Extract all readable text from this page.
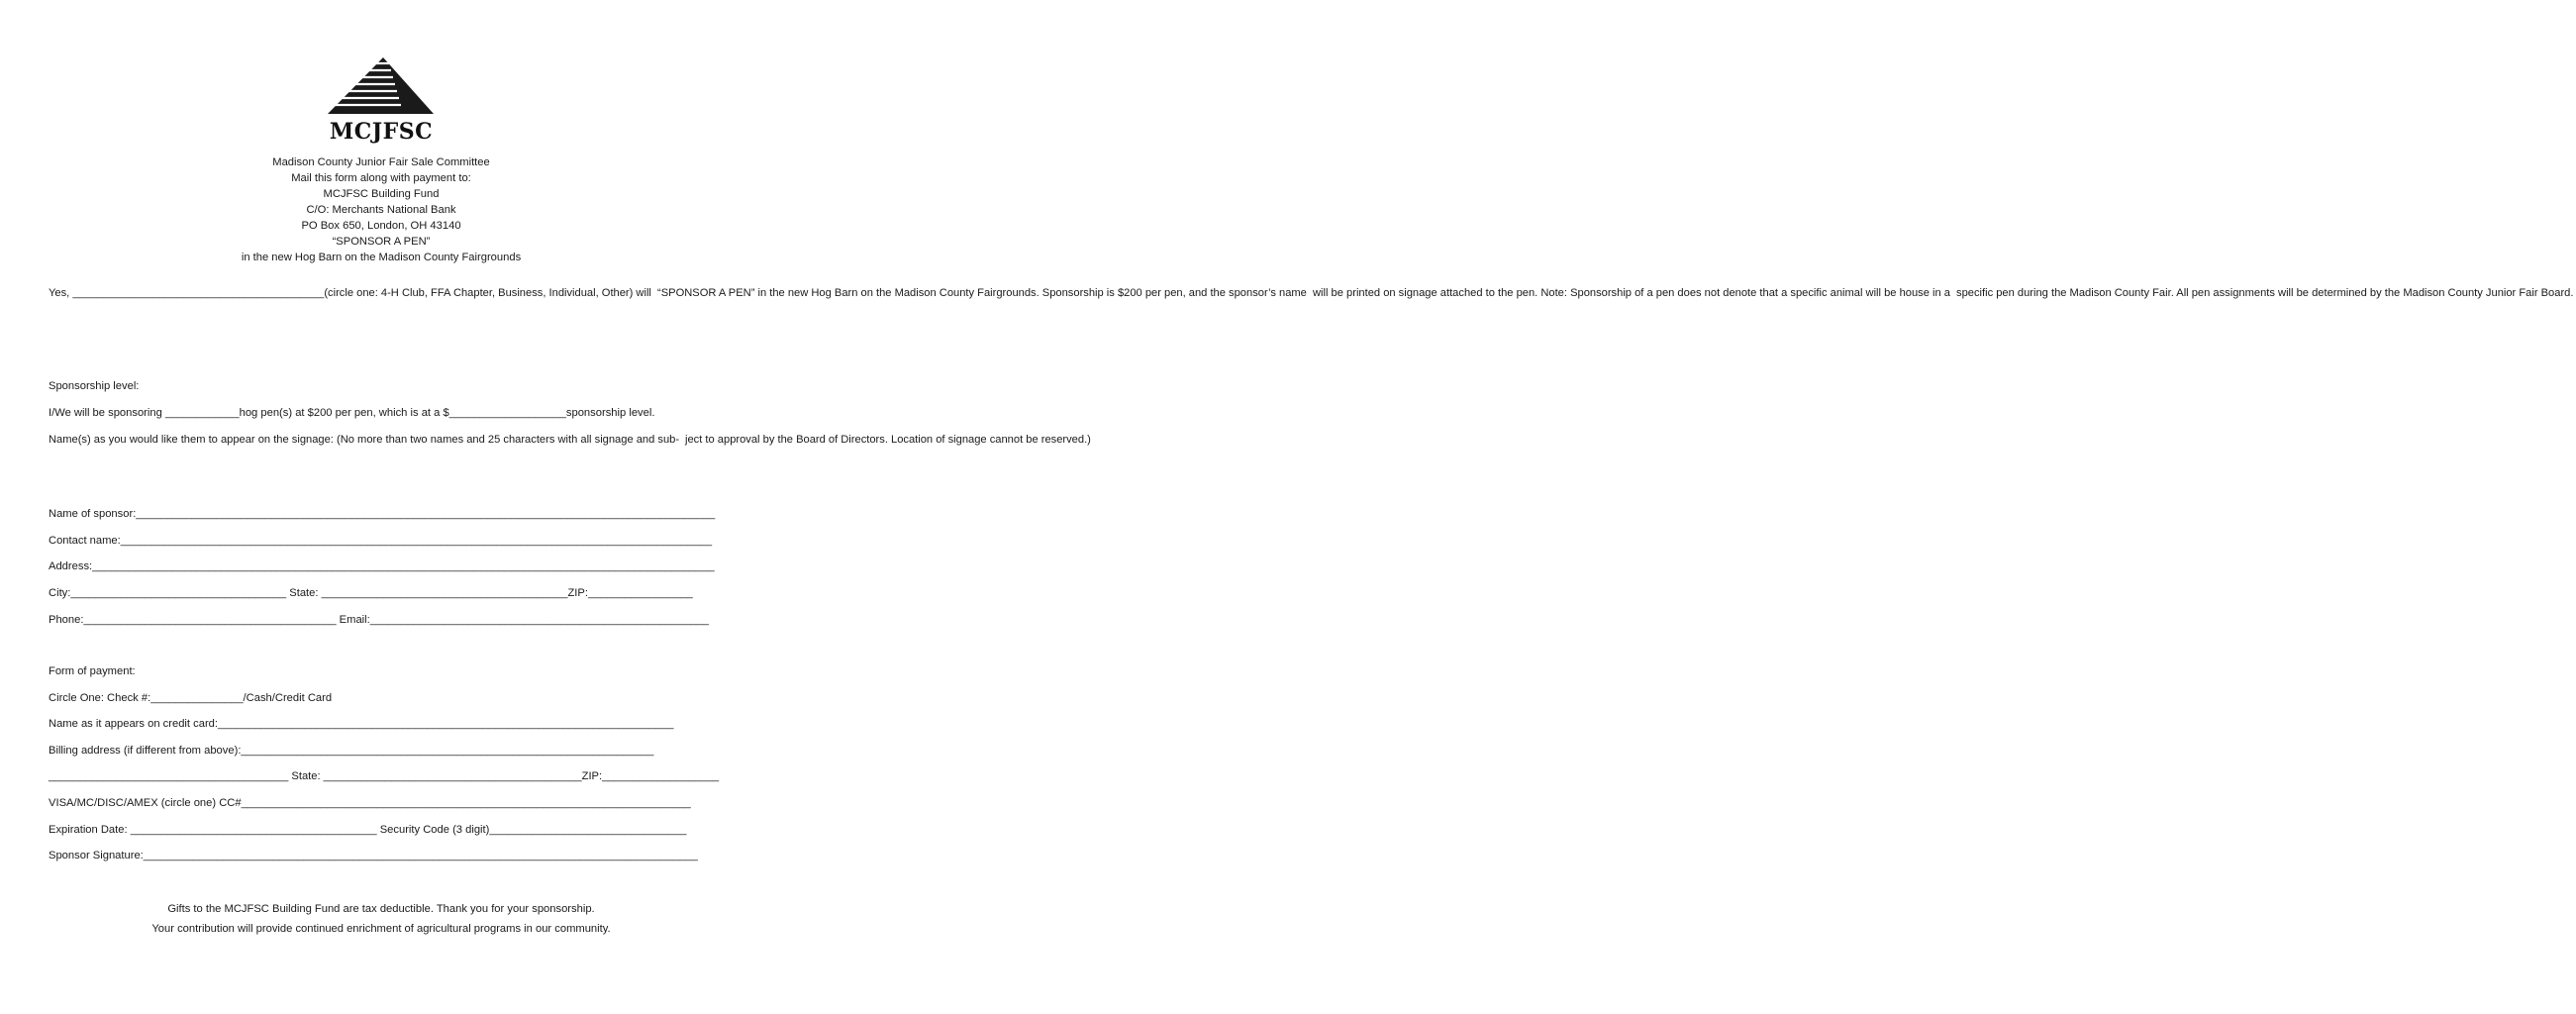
MCJFSC
Madison County Junior Fair Sale Committee
Mail this form along with payment to:
MCJFSC Building Fund
C/O: Merchants National Bank
PO Box 650, London, OH 43140
“SPONSOR A PEN”
in the new Hog Barn on the Madison County Fairgrounds
Yes, _________________________________________(circle one: 4-H Club, FFA Chapter, Business, Individual, Other) will “SPONSOR A PEN” in the new Hog Barn on the Madison County Fairgrounds. Sponsorship is $200 per pen, and the sponsor’s name will be printed on signage attached to the pen. Note: Sponsorship of a pen does not denote that a specific animal will be house in a specific pen during the Madison County Fair. All pen assignments will be determined by the Madison County Junior Fair Board.
Sponsorship level:
I/We will be sponsoring ____________hog pen(s) at $200 per pen, which is at a $___________________sponsorship level.
Name(s) as you would like them to appear on the signage: (No more than two names and 25 characters with all signage and sub- ject to approval by the Board of Directors. Location of signage cannot be reserved.)
Name of sponsor:______________________________________________________________________________________________
Contact name:________________________________________________________________________________________________
Address:_____________________________________________________________________________________________________
City:___________________________________ State: ________________________________________ZIP:_________________
Phone:_________________________________________ Email:_______________________________________________________
Form of payment:
Circle One: Check #:_______________/Cash/Credit Card
Name as it appears on credit card:__________________________________________________________________________
Billing address (if different from above):___________________________________________________________________
_______________________________________ State: __________________________________________ZIP:___________________
VISA/MC/DISC/AMEX (circle one) CC#_________________________________________________________________________
Expiration Date: ________________________________________ Security Code (3 digit)________________________________
Sponsor Signature:__________________________________________________________________________________________
Gifts to the MCJFSC Building Fund are tax deductible. Thank you for your sponsorship.
Your contribution will provide continued enrichment of agricultural programs in our community.
